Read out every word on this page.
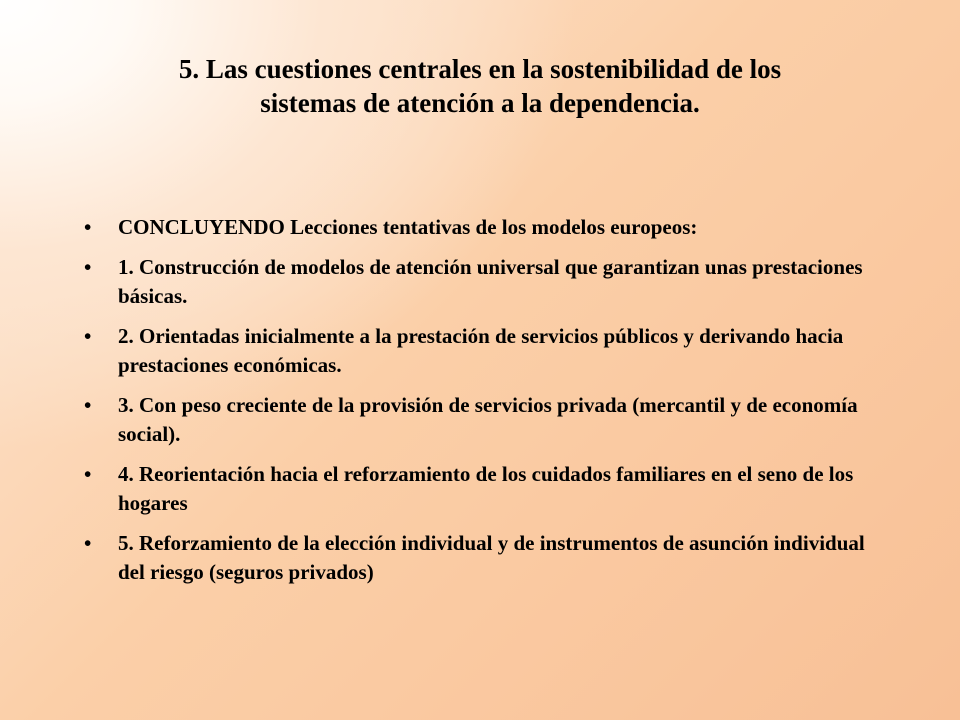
5. Las cuestiones centrales en la sostenibilidad de los
sistemas de atención a la dependencia.
• CONCLUYENDO Lecciones tentativas de los modelos europeos:
• 1. Construcción de modelos de atención universal que garantizan unas prestaciones básicas.
• 2. Orientadas inicialmente a la prestación de servicios públicos y derivando hacia prestaciones económicas.
• 3. Con peso creciente de la provisión de servicios privada (mercantil y de economía social).
• 4. Reorientación hacia el reforzamiento de los cuidados familiares en el seno de los hogares
• 5. Reforzamiento de la elección individual y de instrumentos de asunción individual del riesgo (seguros privados)
